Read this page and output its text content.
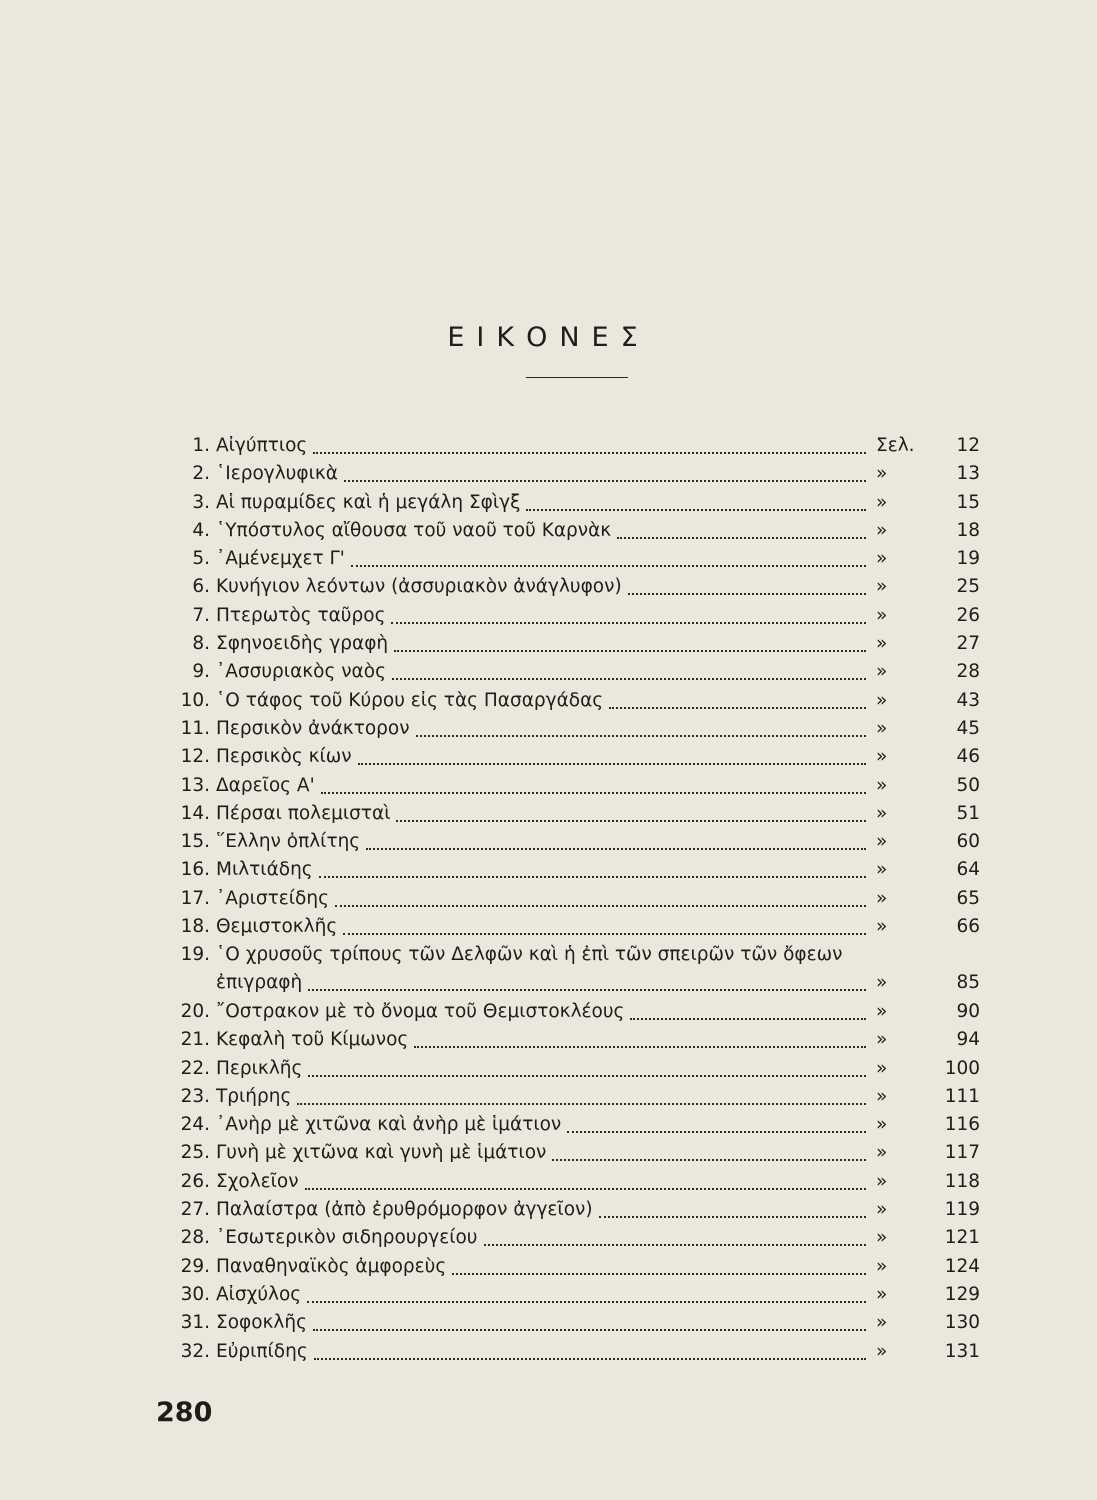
ΕΙΚΟΝΕΣ
1. Αἰγύπτιος	Σελ.	12
2. ῾Ιερογλυφικὰ	»	13
3. Αἱ πυραμίδες καὶ ἡ μεγάλη Σφὶγξ	»	15
4. ῾Υπόστυλος αἴθουσα τοῦ ναοῦ τοῦ Καρνὰκ	»	18
5. ᾿Αμένεμχετ Γ'	»	19
6. Κυνήγιον λεόντων (ἀσσυριακὸν ἀνάγλυφον)	»	25
7. Πτερωτὸς ταῦρος	»	26
8. Σφηνοειδὴς γραφὴ	»	27
9. ᾿Ασσυριακὸς ναὸς	»	28
10. ῾Ο τάφος τοῦ Κύρου εἰς τὰς Πασαργάδας	»	43
11. Περσικὸν ἀνάκτορον	»	45
12. Περσικὸς κίων	»	46
13. Δαρεῖος Α'	»	50
14. Πέρσαι πολεμισταὶ	»	51
15. ῞Ελλην ὁπλίτης	»	60
16. Μιλτιάδης	»	64
17. ᾿Αριστείδης	»	65
18. Θεμιστοκλῆς	»	66
19. ῾Ο χρυσοῦς τρίπους τῶν Δελφῶν καὶ ἡ ἐπὶ τῶν σπειρῶν τῶν ὄφεων
ἐπιγραφὴ	»	85
20. ῎Οστρακον μὲ τὸ ὄνομα τοῦ Θεμιστοκλέους	»	90
21. Κεφαλὴ τοῦ Κίμωνος	»	94
22. Περικλῆς	»	100
23. Τριήρης	»	111
24. ᾿Ανὴρ μὲ χιτῶνα καὶ ἀνὴρ μὲ ἱμάτιον	»	116
25. Γυνὴ μὲ χιτῶνα καὶ γυνὴ μὲ ἱμάτιον	»	117
26. Σχολεῖον	»	118
27. Παλαίστρα (ἀπὸ ἐρυθρόμορφον ἀγγεῖον)	»	119
28. ᾿Εσωτερικὸν σιδηρουργείου	»	121
29. Παναθηναϊκὸς ἀμφορεὺς	»	124
30. Αἰσχύλος	»	129
31. Σοφοκλῆς	»	130
32. Εὐριπίδης	»	131
280
